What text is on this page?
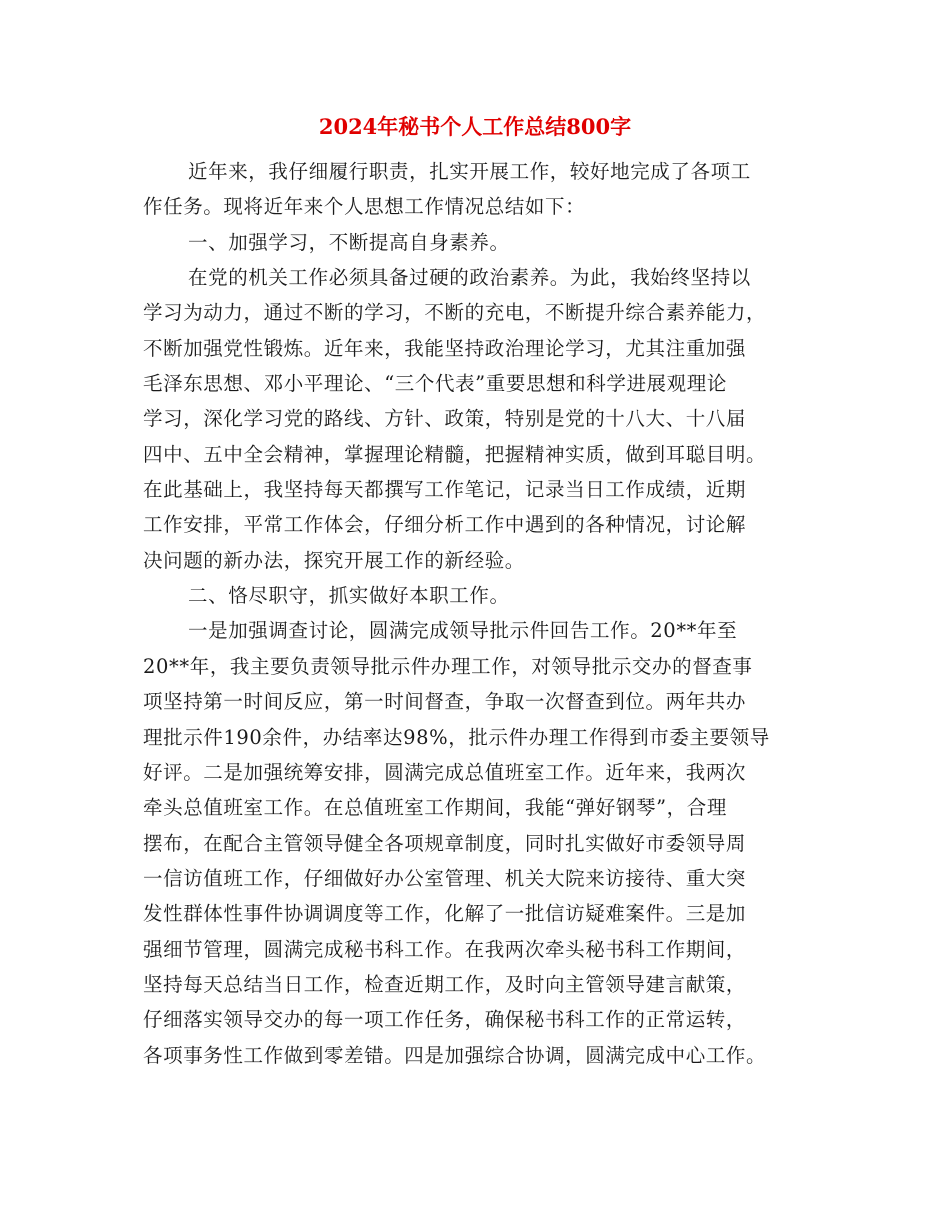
2024年秘书个人工作总结800字
近年来，我仔细履行职责，扎实开展工作，较好地完成了各项工
作任务。现将近年来个人思想工作情况总结如下：
一、加强学习，不断提高自身素养。
在党的机关工作必须具备过硬的政治素养。为此，我始终坚持以
学习为动力，通过不断的学习，不断的充电，不断提升综合素养能力，
不断加强党性锻炼。近年来，我能坚持政治理论学习，尤其注重加强
毛泽东思想、邓小平理论、“三个代表”重要思想和科学进展观理论
学习，深化学习党的路线、方针、政策，特别是党的十八大、十八届
四中、五中全会精神，掌握理论精髓，把握精神实质，做到耳聪目明。
在此基础上，我坚持每天都撰写工作笔记，记录当日工作成绩，近期
工作安排，平常工作体会，仔细分析工作中遇到的各种情况，讨论解
决问题的新办法，探究开展工作的新经验。
二、恪尽职守，抓实做好本职工作。
一是加强调查讨论，圆满完成领导批示件回告工作。20**年至
20**年，我主要负责领导批示件办理工作，对领导批示交办的督查事
项坚持第一时间反应，第一时间督查，争取一次督查到位。两年共办
理批示件190余件，办结率达98%，批示件办理工作得到市委主要领导
好评。二是加强统筹安排，圆满完成总值班室工作。近年来，我两次
牵头总值班室工作。在总值班室工作期间，我能“弹好钢琴”，合理
摆布，在配合主管领导健全各项规章制度，同时扎实做好市委领导周
一信访值班工作，仔细做好办公室管理、机关大院来访接待、重大突
发性群体性事件协调调度等工作，化解了一批信访疑难案件。三是加
强细节管理，圆满完成秘书科工作。在我两次牵头秘书科工作期间，
坚持每天总结当日工作，检查近期工作，及时向主管领导建言献策，
仔细落实领导交办的每一项工作任务，确保秘书科工作的正常运转，
各项事务性工作做到零差错。四是加强综合协调，圆满完成中心工作。
